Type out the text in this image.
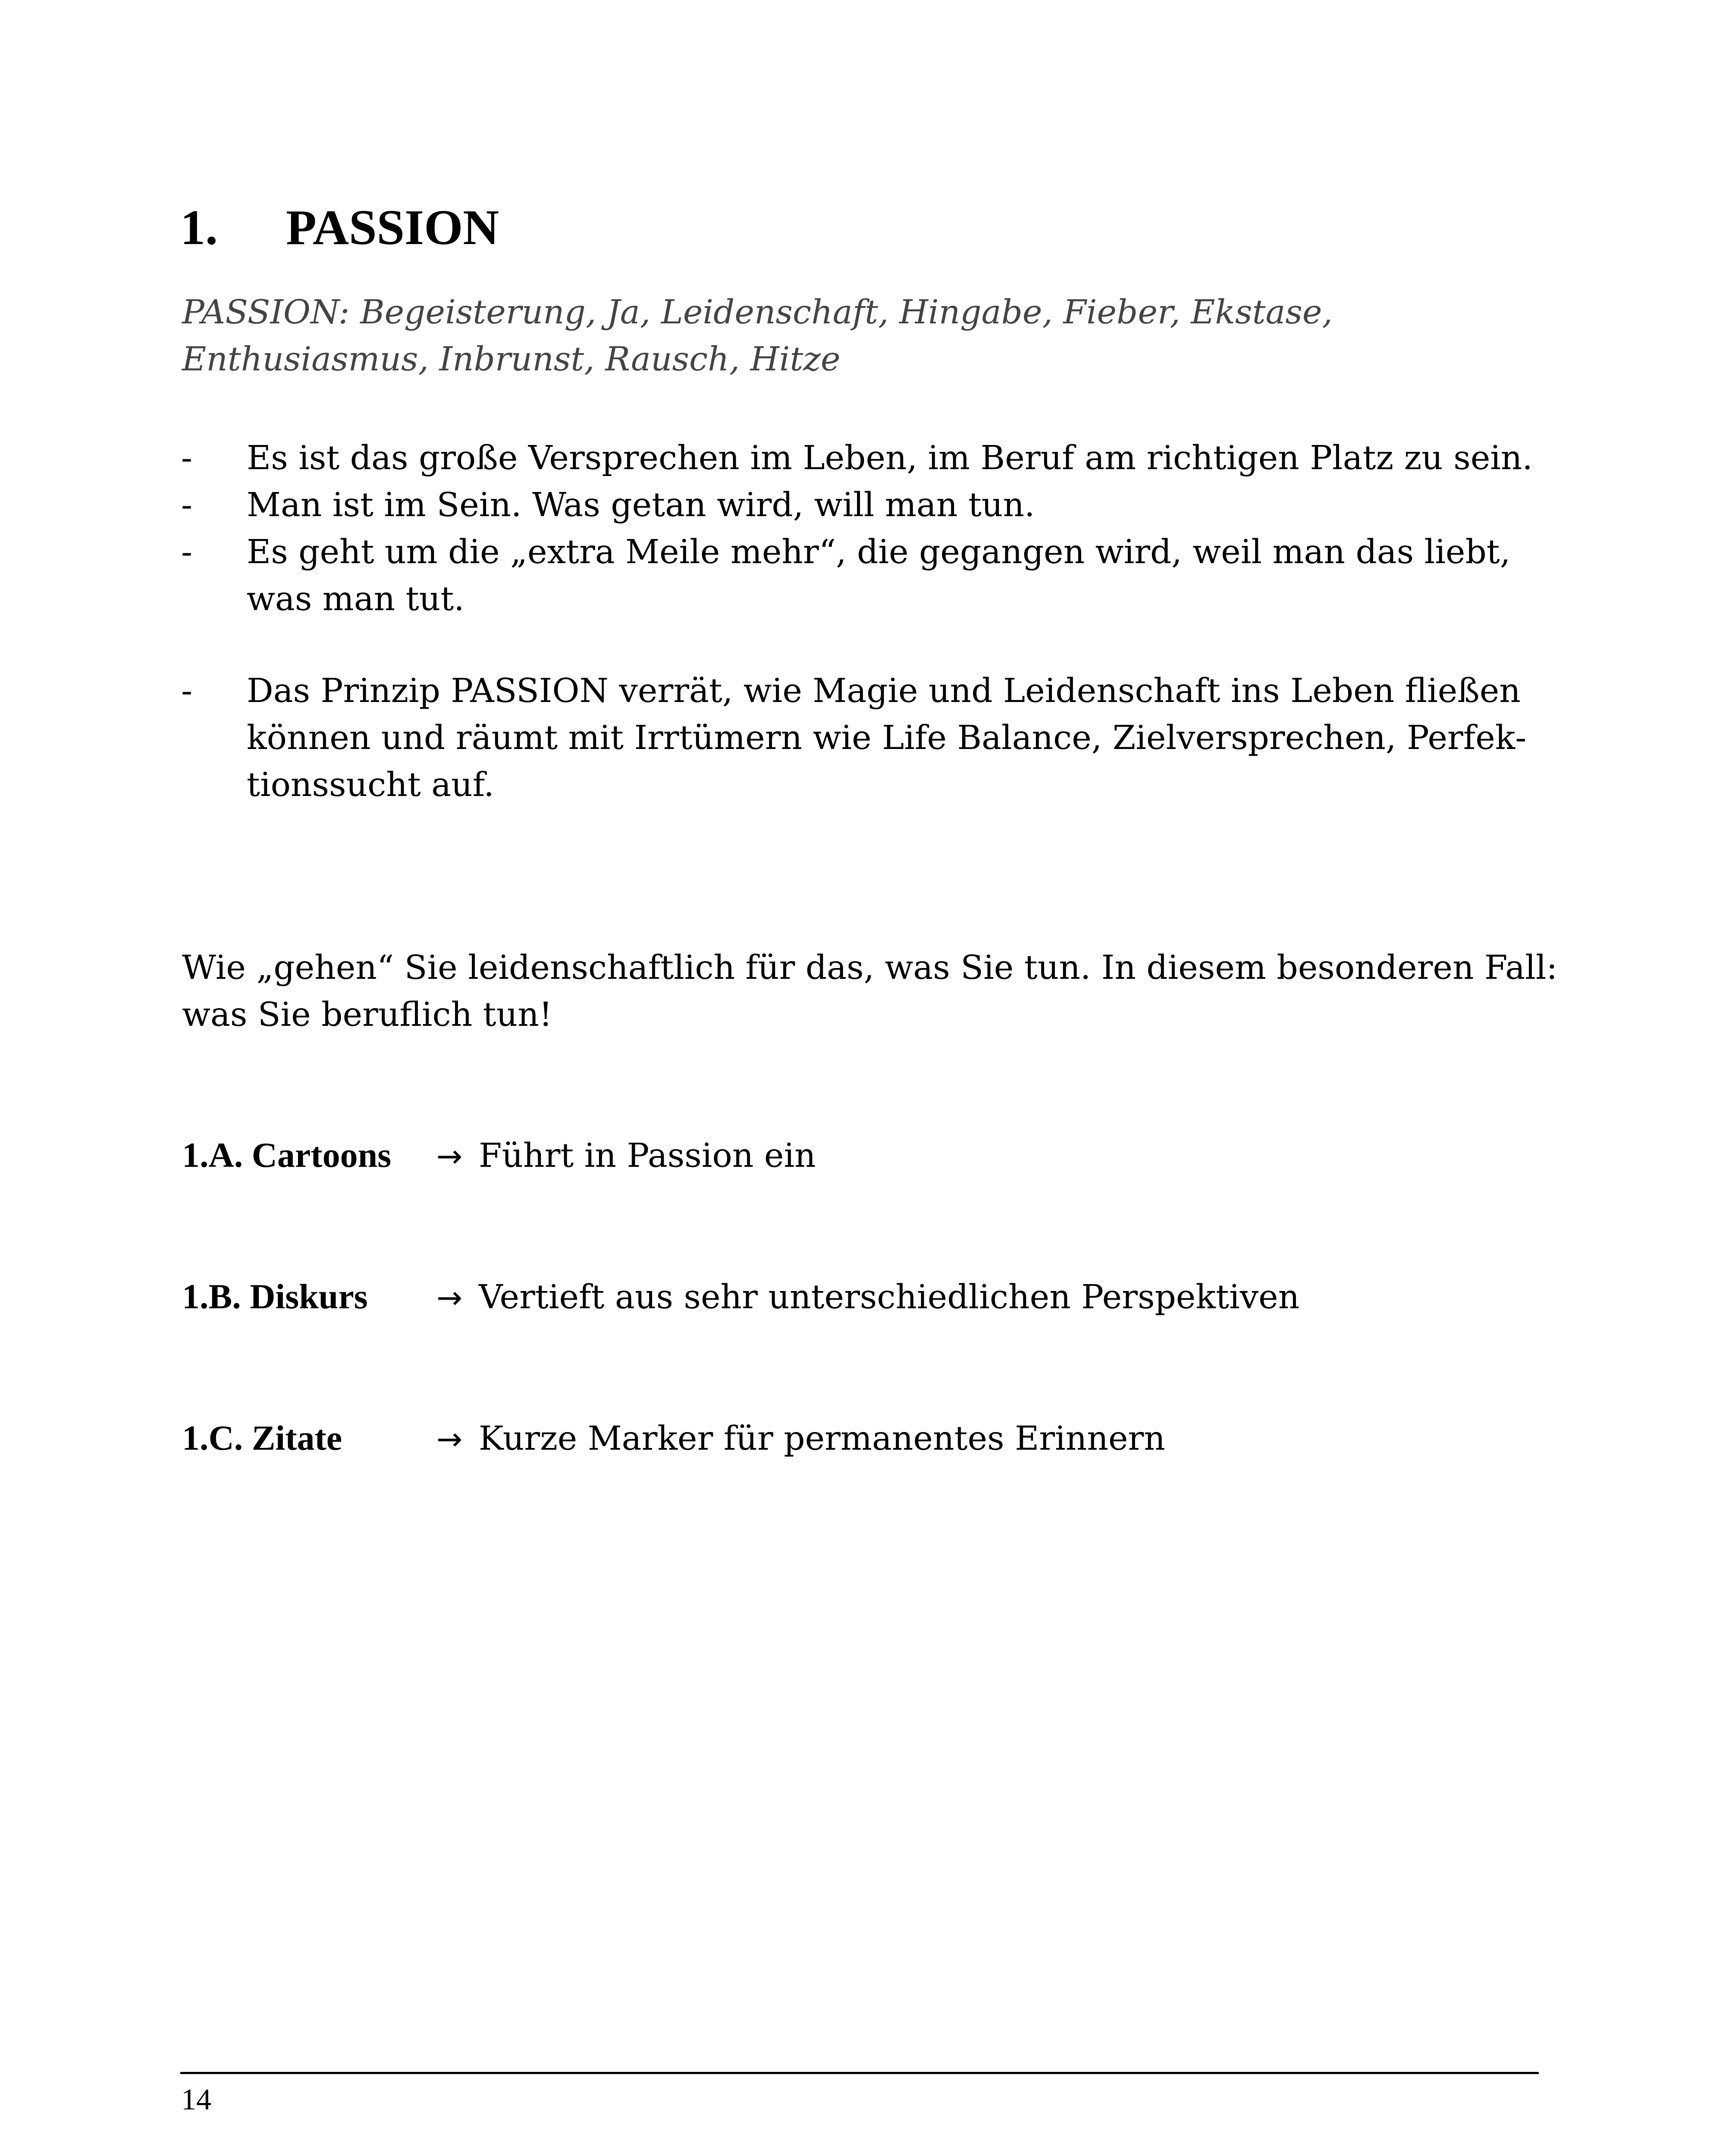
1. PASSION

PASSION: Begeisterung, Ja, Leidenschaft, Hingabe, Fieber, Ekstase, Enthusiasmus, Inbrunst, Rausch, Hitze

- Es ist das große Versprechen im Leben, im Beruf am richtigen Platz zu sein.
- Man ist im Sein. Was getan wird, will man tun.
- Es geht um die „extra Meile mehr“, die gegangen wird, weil man das liebt, was man tut.
- Das Prinzip PASSION verrät, wie Magie und Leidenschaft ins Leben fließen können und räumt mit Irrtümern wie Life Balance, Zielversprechen, Perfektionssucht auf.

Wie „gehen“ Sie leidenschaftlich für das, was Sie tun. In diesem besonderen Fall: was Sie beruflich tun!

1.A. Cartoons → Führt in Passion ein
1.B. Diskurs → Vertieft aus sehr unterschiedlichen Perspektiven
1.C. Zitate	→ Kurze Marker für permanentes Erinnern
14
